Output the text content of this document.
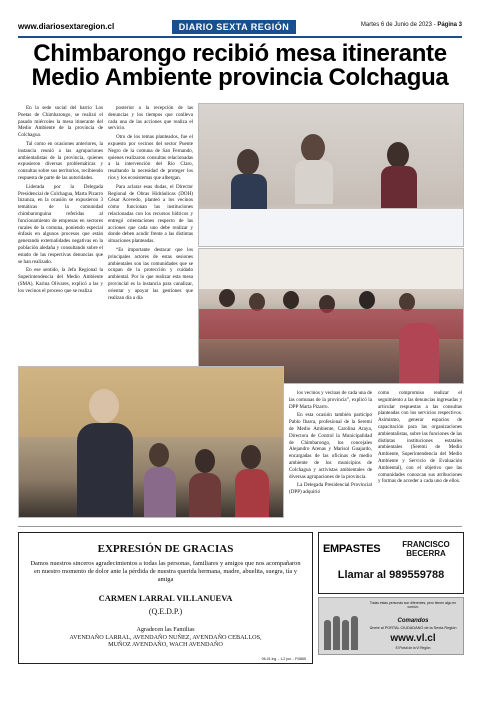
www.diariosextaregion.cl	DIARIO SEXTA REGIÓN	Martes 6 de Junio de 2023 - Página 3
Chimbarongo recibió mesa itinerante
Medio Ambiente provincia Colchagua

En la sede social del barrio Los Poetas de Chimbarongo, se realizó el pasado miércoles la mesa itinerante del Medio Ambiente de la provincia de Colchagua.

Tal como en ocasiones anteriores, la instancia reunió a las agrupaciones ambientalistas de la provincia, quienes expusieron diversas problemáticas y consultas sobre sus territorios, recibiendo respuesta de parte de las autoridades.

Liderada por la Delegada Presidencial de Colchagua, Marta Pizarro Inzunza, en la ocasión se expusieron 3 temáticas de la comunidad chimbaronguina referidas al funcionamiento de empresas en sectores rurales de la comuna, poniendo especial énfasis en algunos procesos que están generando externalidades negativas en la población aledaña y consultando sobre el estado de las respectivas denuncias que se han realizado.

En ese sentido, la Jefa Regional la Superintendencia del Medio Ambiente (SMA), Karina Olivares, explicó a las y los vecinos el proceso que se realiza

posterior a la recepción de las denuncias y los tiempos que conlleva cada una de las acciones que realiza el servicio.

Otro de los temas planteados, fue el expuesto por vecinos del sector Puente Negro de la comuna de San Fernando, quienes realizaron consultas relacionadas a la intervención del Río Claro, resaltando la necesidad de proteger los ríos y los ecosistemas que albergan.

Para aclarar esas dudas, el Director Regional de Obras Hidráulicas (DOH) César Acevedo, planteó a los vecinos cómo funcionan las instituciones relacionadas con los recursos hídricos y entregó orientaciones respecto de las acciones que cada uno debe realizar y donde deben acudir frente a las distintas situaciones planteadas.

“Es importante destacar que los principales actores de estas sesiones ambientales son las comunidades que se ocupan de la protección y cuidado ambiental. Por lo que realizar esta mesa provincial es la instancia para canalizar, orientar y apoyar las gestiones que realizan día a día

los vecinos y vecinas de cada una de las comunas de la provincia”, explicó la DPP Marta Pizarro.

En esta ocasión también participó Pablo Ibarra, profesional de la Seremi de Medio Ambiente, Carolina Araya, Directora de Control la Municipalidad de Chimbarongo, los concejales Alejandro Arenas y Marisol Guajardo, encargadas de las oficinas de medio ambiente de los municipios de Colchagua y activistas ambientales de diversas agrupaciones de la provincia.

La Delegada Presidencial Provincial (DPP) adquirió

como compromiso realizar el seguimiento a las denuncias ingresadas y articular respuestas a las consultas planteadas con los servicios respectivos. Asimismo, generar espacios de capacitación para las organizaciones ambientalistas, sobre las funciones de las distintas instituciones estatales ambientales (Seremi de Medio Ambiente, Superintendencia del Medio Ambiente y Servicio de Evaluación Ambiental), con el objetivo que las comunidades conozcan sus atribuciones y formas de acceder a cada uno de ellos.

EXPRESIÓN DE GRACIAS
Damos nuestros sinceros agradecimientos a todas las personas, familiares y amigos que nos acompañaron en nuestro momento de dolor ante la pérdida de nuestra querida hermana, madre, abuelita, suegra, tía y amiga
CARMEN LARRAL VILLANUEVA
(Q.E.D.P.)
Agradecen las Familias
AVENDAÑO LARRAL, AVENDAÑO NUÑEZ, AVENDAÑO CEBALLOS,
MUÑOZ AVENDAÑO, WACH AVENDAÑO
06-01 ing. - 1-2 jun. - F/0865
EMPASTES	FRANCISCO
BECERRA
Llamar al 989559788
Todas estas personas son diferentes, pero tienen algo en común:
Comandos
Únete al PORTAL CIUDADANO de la Sexta Región
www.vl.cl
El Portal de la VI Región
